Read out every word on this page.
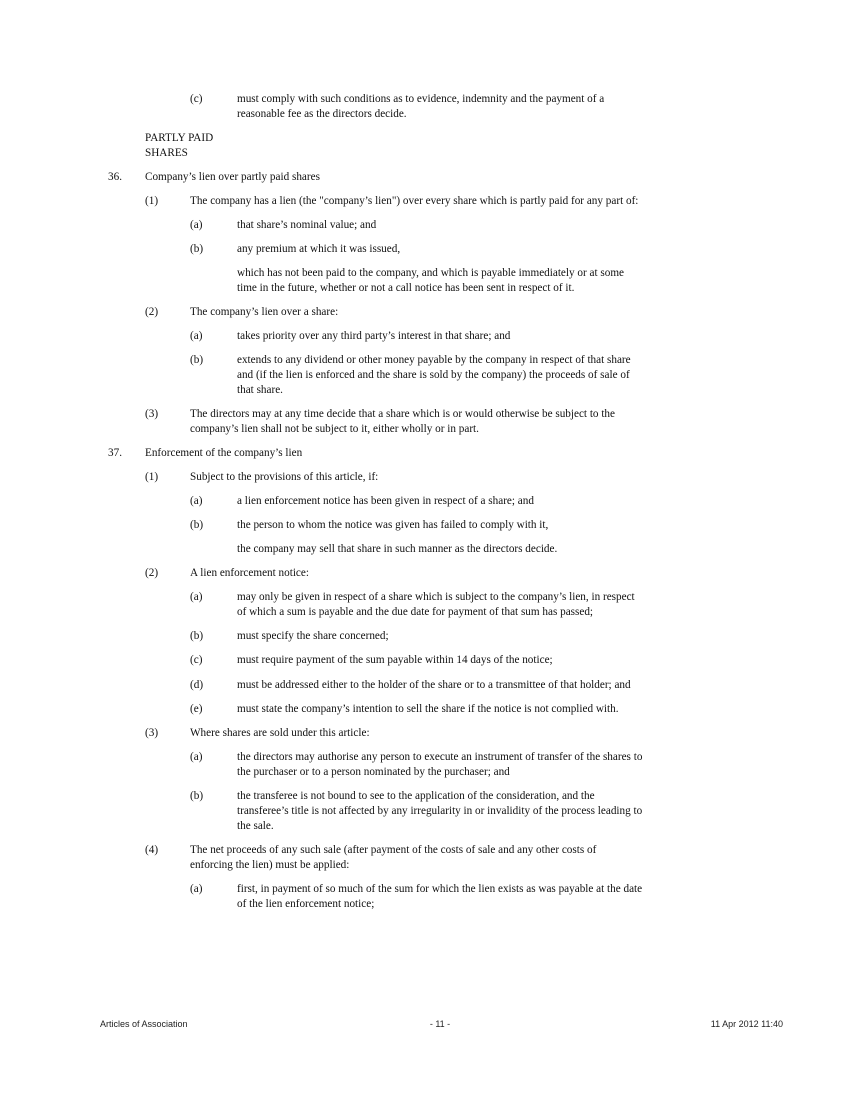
(c)	must comply with such conditions as to evidence, indemnity and the payment of a
reasonable fee as the directors decide.
PARTLY PAID
SHARES
36. Company’s lien over partly paid shares
(1)	The company has a lien (the "company’s lien") over every share which is partly paid for any part of:
(a)	that share’s nominal value; and
(b)	any premium at which it was issued,
which has not been paid to the company, and which is payable immediately or at some
time in the future, whether or not a call notice has been sent in respect of it.
(2)	The company’s lien over a share:
(a)	takes priority over any third party’s interest in that share; and
(b)	extends to any dividend or other money payable by the company in respect of that share
and (if the lien is enforced and the share is sold by the company) the proceeds of sale of
that share.
(3)	The directors may at any time decide that a share which is or would otherwise be subject to the
company’s lien shall not be subject to it, either wholly or in part.
37. Enforcement of the company’s lien
(1)	Subject to the provisions of this article, if:
(a)	a lien enforcement notice has been given in respect of a share; and
(b)	the person to whom the notice was given has failed to comply with it,
the company may sell that share in such manner as the directors decide.
(2)	A lien enforcement notice:
(a)	may only be given in respect of a share which is subject to the company’s lien, in respect
of which a sum is payable and the due date for payment of that sum has passed;
(b)	must specify the share concerned;
(c)	must require payment of the sum payable within 14 days of the notice;
(d)	must be addressed either to the holder of the share or to a transmittee of that holder; and
(e)	must state the company’s intention to sell the share if the notice is not complied with.
(3)	Where shares are sold under this article:
(a)	the directors may authorise any person to execute an instrument of transfer of the shares to
the purchaser or to a person nominated by the purchaser; and
(b)	the transferee is not bound to see to the application of the consideration, and the
transferee’s title is not affected by any irregularity in or invalidity of the process leading to
the sale.
(4)	The net proceeds of any such sale (after payment of the costs of sale and any other costs of
enforcing the lien) must be applied:
(a)	first, in payment of so much of the sum for which the lien exists as was payable at the date
of the lien enforcement notice;
Articles of Association	- 11 -	11 Apr 2012 11:40
